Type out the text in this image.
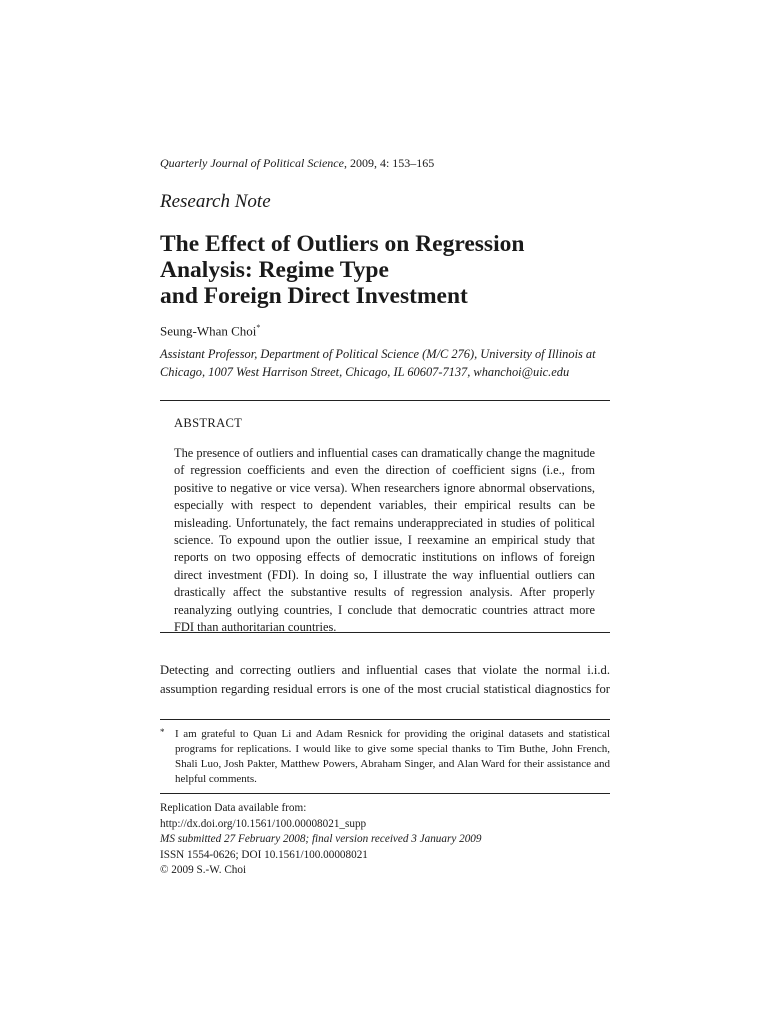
Quarterly Journal of Political Science, 2009, 4: 153–165
Research Note
The Effect of Outliers on Regression
Analysis: Regime Type
and Foreign Direct Investment
Seung-Whan Choi*
Assistant Professor, Department of Political Science (M/C 276), University of Illinois at
Chicago, 1007 West Harrison Street, Chicago, IL 60607-7137, whanchoi@uic.edu
ABSTRACT

The presence of outliers and influential cases can dramatically change the magnitude of regression coefficients and even the direction of coefficient signs (i.e., from positive to negative or vice versa). When researchers ignore abnormal observations, especially with respect to dependent variables, their empirical results can be misleading. Unfortunately, the fact remains underappreciated in studies of political science. To expound upon the outlier issue, I reexamine an empirical study that reports on two opposing effects of democratic institutions on inflows of foreign direct investment (FDI). In doing so, I illustrate the way influential outliers can drastically affect the substantive results of regression analysis. After properly reanalyzing outlying countries, I conclude that democratic countries attract more FDI than authoritarian countries.

Detecting and correcting outliers and influential cases that violate the normal i.i.d. assumption regarding residual errors is one of the most crucial statistical diagnostics for

* I am grateful to Quan Li and Adam Resnick for providing the original datasets and statistical programs for replications. I would like to give some special thanks to Tim Buthe, John French, Shali Luo, Josh Pakter, Matthew Powers, Abraham Singer, and Alan Ward for their assistance and helpful comments.

Replication Data available from:
http://dx.doi.org/10.1561/100.00008021_supp
MS submitted 27 February 2008; final version received 3 January 2009
ISSN 1554-0626; DOI 10.1561/100.00008021
© 2009 S.-W. Choi
